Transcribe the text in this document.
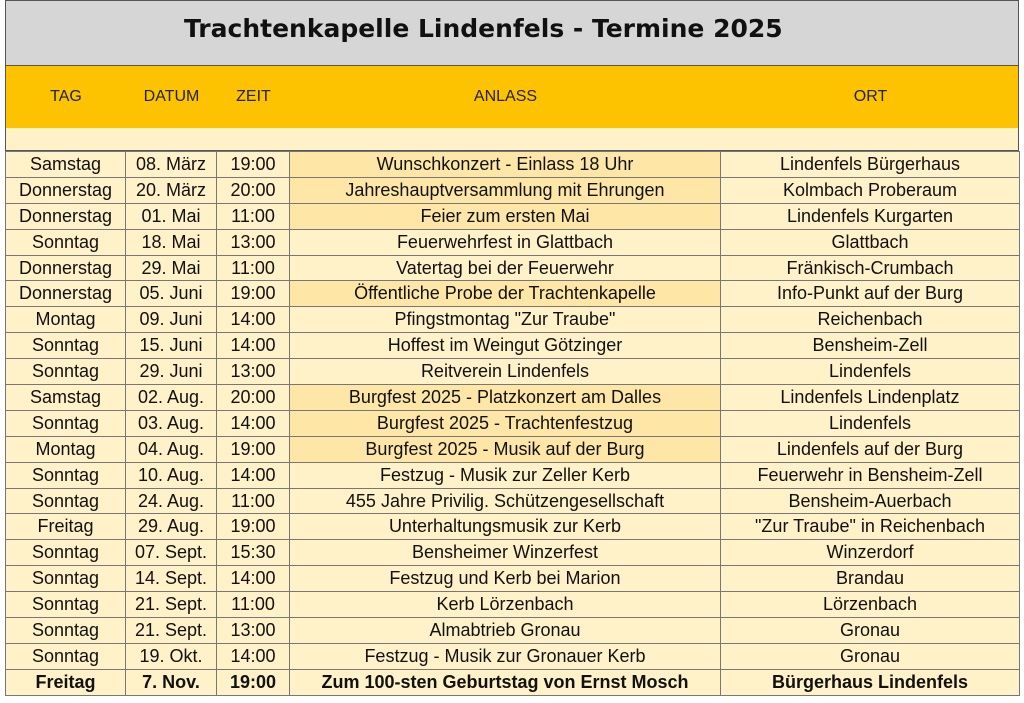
Trachtenkapelle Lindenfels - Termine 2025
TAG	DATUM	ZEIT	ANLASS	ORT
Samstag	08. März	19:00	Wunschkonzert - Einlass 18 Uhr	Lindenfels Bürgerhaus
Donnerstag	20. März	20:00	Jahreshauptversammlung mit Ehrungen	Kolmbach Proberaum
Donnerstag	01. Mai	11:00	Feier zum ersten Mai	Lindenfels Kurgarten
Sonntag	18. Mai	13:00	Feuerwehrfest in Glattbach	Glattbach
Donnerstag	29. Mai	11:00	Vatertag bei der Feuerwehr	Fränkisch-Crumbach
Donnerstag	05. Juni	19:00	Öffentliche Probe der Trachtenkapelle	Info-Punkt auf der Burg
Montag	09. Juni	14:00	Pfingstmontag "Zur Traube"	Reichenbach
Sonntag	15. Juni	14:00	Hoffest im Weingut Götzinger	Bensheim-Zell
Sonntag	29. Juni	13:00	Reitverein Lindenfels	Lindenfels
Samstag	02. Aug.	20:00	Burgfest 2025 - Platzkonzert am Dalles	Lindenfels Lindenplatz
Sonntag	03. Aug.	14:00	Burgfest 2025 - Trachtenfestzug	Lindenfels
Montag	04. Aug.	19:00	Burgfest 2025 - Musik auf der Burg	Lindenfels auf der Burg
Sonntag	10. Aug.	14:00	Festzug - Musik zur Zeller Kerb	Feuerwehr in Bensheim-Zell
Sonntag	24. Aug.	11:00	455 Jahre Privilig. Schützengesellschaft	Bensheim-Auerbach
Freitag	29. Aug.	19:00	Unterhaltungsmusik zur Kerb	"Zur Traube" in Reichenbach
Sonntag	07. Sept.	15:30	Bensheimer Winzerfest	Winzerdorf
Sonntag	14. Sept.	14:00	Festzug und Kerb bei Marion	Brandau
Sonntag	21. Sept.	11:00	Kerb Lörzenbach	Lörzenbach
Sonntag	21. Sept.	13:00	Almabtrieb Gronau	Gronau
Sonntag	19. Okt.	14:00	Festzug - Musik zur Gronauer Kerb	Gronau
Freitag	7. Nov.	19:00	Zum 100-sten Geburtstag von Ernst Mosch	Bürgerhaus Lindenfels
